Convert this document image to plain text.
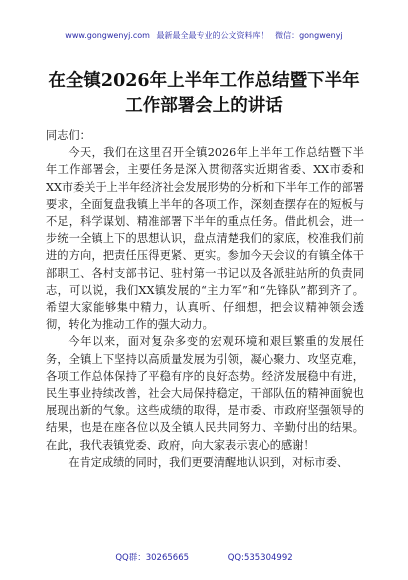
www.gongwenyj.com 最新最全最专业的公文资料库！ 微信：gongwenyj
在全镇2026年上半年工作总结暨下半年工作部署会上的讲话

同志们：

今天，我们在这里召开全镇2026年上半年工作总结暨下半年工作部署会，主要任务是深入贯彻落实近期省委、XX市委和 XX市委关于上半年经济社会发展形势的分析和下半年工作的部署要求，全面复盘我镇上半年的各项工作，深刻查摆存在的短板与不足，科学谋划、精准部署下半年的重点任务。借此机会，进一步统一全镇上下的思想认识，盘点清楚我们的家底，校准我们前进的方向，把责任压得更紧、更实。参加今天会议的有镇全体干部职工、各村支部书记、驻村第一书记以及各派驻站所的负责同志，可以说，我们XX镇发展的“主力军”和“先锋队”都到齐了。希望大家能够集中精力，认真听、仔细想，把会议精神领会透彻，转化为推动工作的强大动力。

今年以来，面对复杂多变的宏观环境和艰巨繁重的发展任务，全镇上下坚持以高质量发展为引领，凝心聚力、攻坚克难，各项工作总体保持了平稳有序的良好态势。经济发展稳中有进，民生事业持续改善，社会大局保持稳定，干部队伍的精神面貌也展现出新的气象。这些成绩的取得，是市委、市政府坚强领导的结果，也是在座各位以及全镇人民共同努力、辛勤付出的结果。在此，我代表镇党委、政府，向大家表示衷心的感谢！

在肯定成绩的同时，我们更要清醒地认识到，对标市委、

QQ群：30265665	QQ:535304992
